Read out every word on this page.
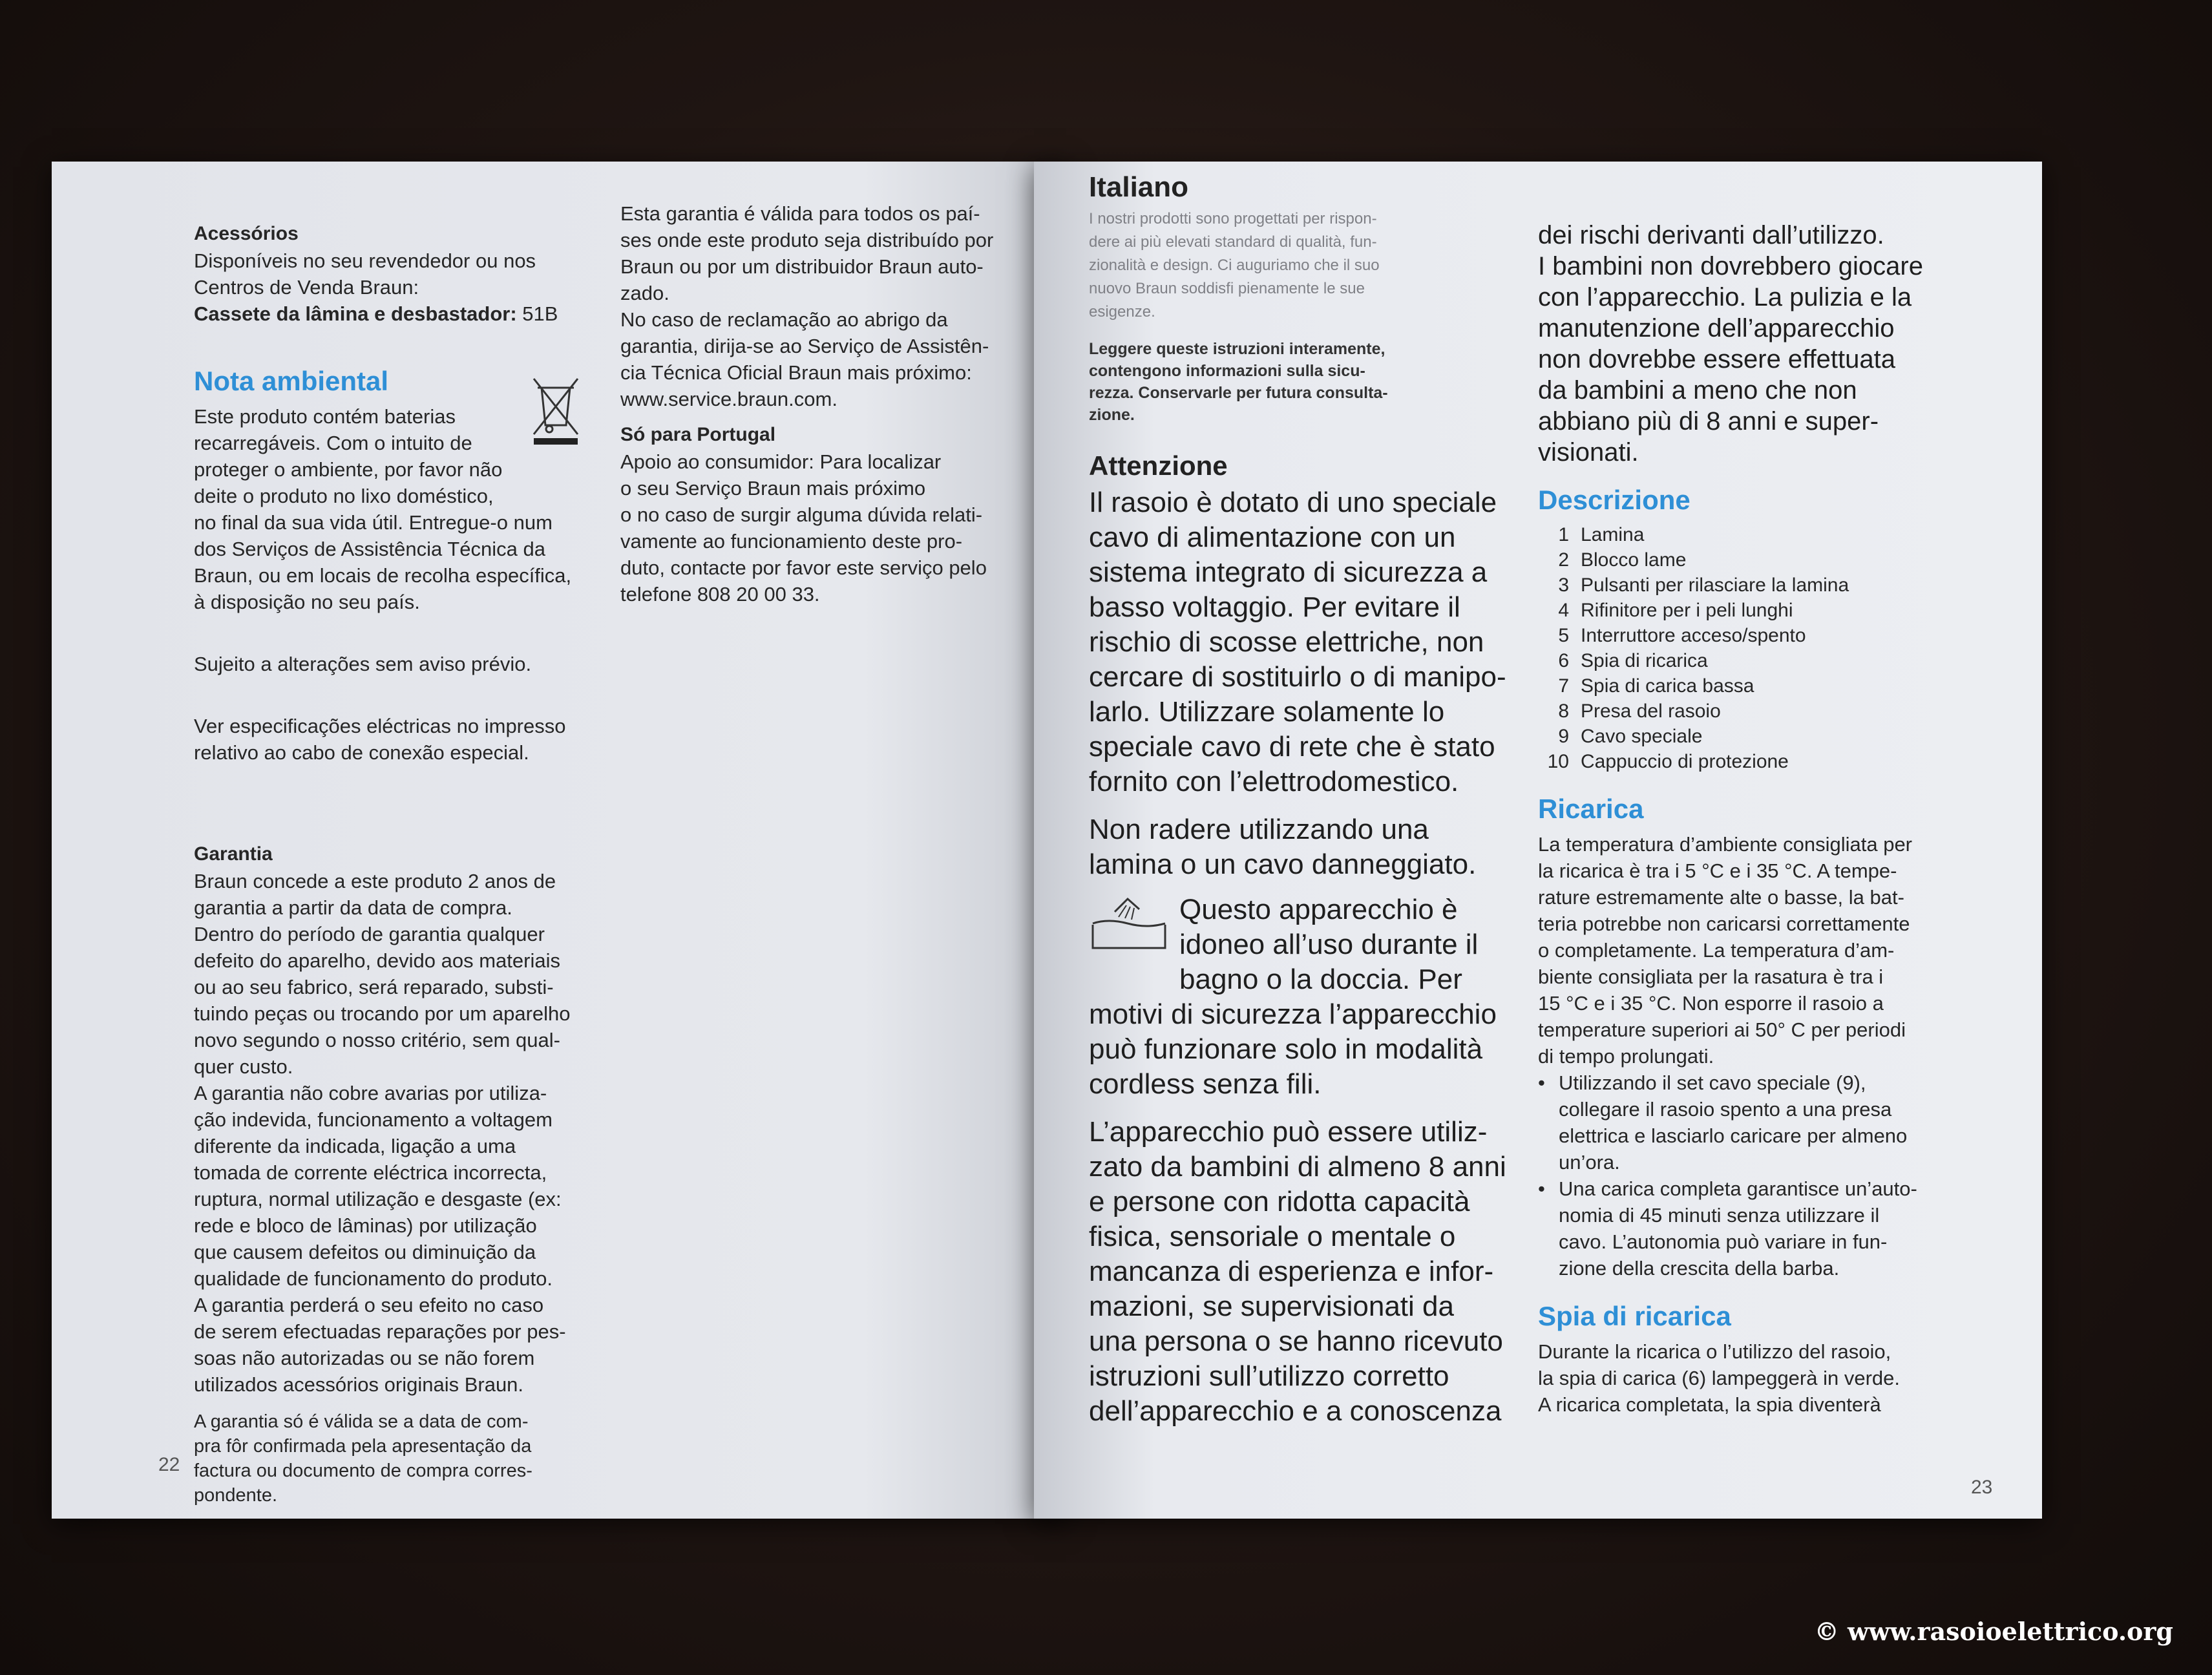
Acessórios

Disponíveis no seu revendedor ou nos
Centros de Venda Braun:

Cassete da lâmina e desbastador: 51B

Nota ambiental

Este produto contém baterias
recarregáveis. Com o intuito de
proteger o ambiente, por favor não
deite o produto no lixo doméstico,
no final da sua vida útil. Entregue-o num
dos Serviços de Assistência Técnica da
Braun, ou em locais de recolha específica,
à disposição no seu país.

Sujeito a alterações sem aviso prévio.

Ver especificações eléctricas no impresso
relativo ao cabo de conexão especial.

Garantia

Braun concede a este produto 2 anos de
garantia a partir da data de compra.
Dentro do período de garantia qualquer
defeito do aparelho, devido aos materiais
ou ao seu fabrico, será reparado, substi-
tuindo peças ou trocando por um aparelho
novo segundo o nosso critério, sem qual-
quer custo.
A garantia não cobre avarias por utiliza-
ção indevida, funcionamento a voltagem
diferente da indicada, ligação a uma
tomada de corrente eléctrica incorrecta,
ruptura, normal utilização e desgaste (ex:
rede e bloco de lâminas) por utilização
que causem defeitos ou diminuição da
qualidade de funcionamento do produto.
A garantia perderá o seu efeito no caso
de serem efectuadas reparações por pes-
soas não autorizadas ou se não forem
utilizados acessórios originais Braun.

A garantia só é válida se a data de com-
pra fôr confirmada pela apresentação da
factura ou documento de compra corres-
pondente.

Esta garantia é válida para todos os paí-
ses onde este produto seja distribuído por
Braun ou por um distribuidor Braun auto-
zado.
No caso de reclamação ao abrigo da
garantia, dirija-se ao Serviço de Assistên-
cia Técnica Oficial Braun mais próximo:
www.service.braun.com.

Só para Portugal

Apoio ao consumidor: Para localizar
o seu Serviço Braun mais próximo
o no caso de surgir alguma dúvida relati-
vamente ao funcionamiento deste pro-
duto, contacte por favor este serviço pelo
telefone 808 20 00 33.

22

Italiano

I nostri prodotti sono progettati per rispon-
dere ai più elevati standard di qualità, fun-
zionalità e design. Ci auguriamo che il suo
nuovo Braun soddisfi pienamente le sue
esigenze.

Leggere queste istruzioni interamente,
contengono informazioni sulla sicu-
rezza. Conservarle per futura consulta-
zione.

Attenzione

Il rasoio è dotato di uno speciale
cavo di alimentazione con un
sistema integrato di sicurezza a
basso voltaggio. Per evitare il
rischio di scosse elettriche, non
cercare di sostituirlo o di manipo-
larlo. Utilizzare solamente lo
speciale cavo di rete che è stato
fornito con l’elettrodomestico.

Non radere utilizzando una
lamina o un cavo danneggiato.

Questo apparecchio è
idoneo all’uso durante il
bagno o la doccia. Per

motivi di sicurezza l’apparecchio
può funzionare solo in modalità
cordless senza fili.

L’apparecchio può essere utiliz-
zato da bambini di almeno 8 anni
e persone con ridotta capacità
fisica, sensoriale o mentale o
mancanza di esperienza e infor-
mazioni, se supervisionati da
una persona o se hanno ricevuto
istruzioni sull’utilizzo corretto
dell’apparecchio e a conoscenza

dei rischi derivanti dall’utilizzo.
I bambini non dovrebbero giocare
con l’apparecchio. La pulizia e la
manutenzione dell’apparecchio
non dovrebbe essere effettuata
da bambini a meno che non
abbiano più di 8 anni e super-
visionati.

Descrizione

1 Lamina
2 Blocco lame
3 Pulsanti per rilasciare la lamina
4 Rifinitore per i peli lunghi
5 Interruttore acceso/spento
6 Spia di ricarica
7 Spia di carica bassa
8 Presa del rasoio
9 Cavo speciale
10 Cappuccio di protezione

Ricarica

La temperatura d’ambiente consigliata per
la ricarica è tra i 5 °C e i 35 °C. A tempe-
rature estremamente alte o basse, la bat-
teria potrebbe non caricarsi correttamente
o completamente. La temperatura d’am-
biente consigliata per la rasatura è tra i
15 °C e i 35 °C. Non esporre il rasoio a
temperature superiori ai 50° C per periodi
di tempo prolungati.

• Utilizzando il set cavo speciale (9),
collegare il rasoio spento a una presa
elettrica e lasciarlo caricare per almeno
un’ora.
• Una carica completa garantisce un’auto-
nomia di 45 minuti senza utilizzare il
cavo. L’autonomia può variare in fun-
zione della crescita della barba.

Spia di ricarica

Durante la ricarica o l’utilizzo del rasoio,
la spia di carica (6) lampeggerà in verde.
A ricarica completata, la spia diventerà

23
© www.rasoioelettrico.org
